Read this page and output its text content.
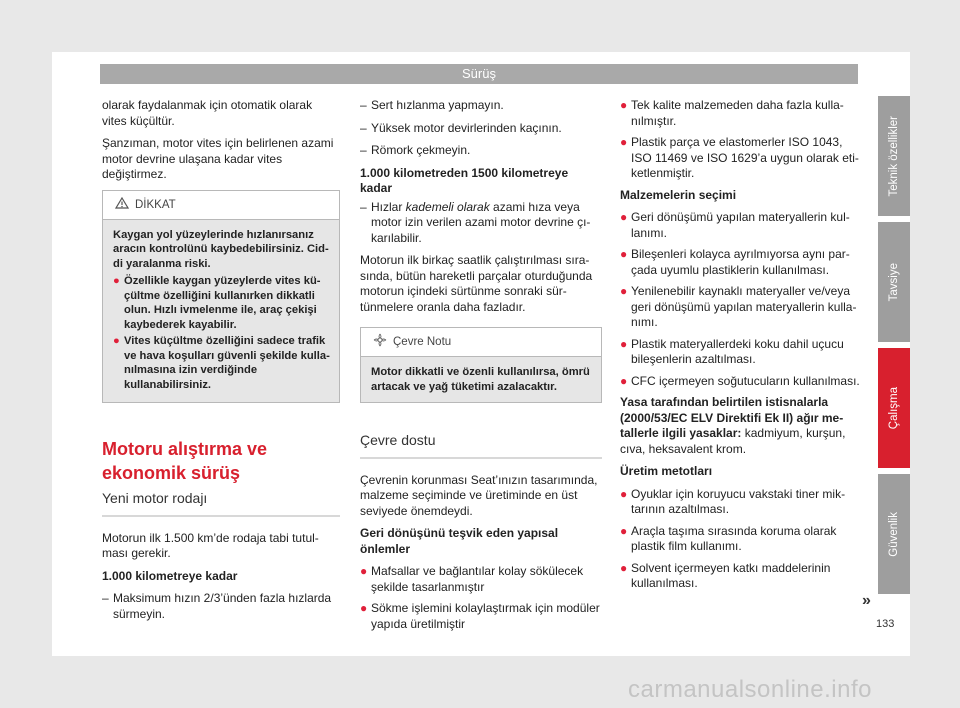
Sürüş

olarak faydalanmak için otomatik olarak vites küçültür.

Şanzıman, motor vites için belirlenen azami motor devrine ulaşana kadar vites değiştirmez.

DİKKAT

Kaygan yol yüzeylerinde hızlanırsanız aracın kontrolünü kaybedebilirsiniz. Ciddi yaralanma riski.

● Özellikle kaygan yüzeylerde vites küçültme özelliğini kullanırken dikkatli olun. Hızlı ivmelenme ile, araç çekişi kaybederek kayabilir.
● Vites küçültme özelliğini sadece trafik ve hava koşulları güvenli şekilde kullanılmasına izin verdiğinde kullanabilirsiniz.
Motoru alıştırma ve ekonomik sürüş
Yeni motor rodajı

Motorun ilk 1.500 km’de rodaja tabi tutulması gerekir.

1.000 kilometreye kadar

– Maksimum hızın 2/3’ünden fazla hızlarda sürmeyin.
– Sert hızlanma yapmayın.
– Yüksek motor devirlerinden kaçının.
– Römork çekmeyin.

1.000 kilometreden 1500 kilometreye kadar

– Hızlar kademeli olarak azami hıza veya motor izin verilen azami motor devrine çıkarılabilir.

Motorun ilk birkaç saatlik çalıştırılması sırasında, bütün hareketli parçalar oturduğunda motorun içindeki sürtünme sonraki sürtünmelere oranla daha fazladır.

Çevre Notu
Motor dikkatli ve özenli kullanılırsa, ömrü artacak ve yağ tüketimi azalacaktır.
Çevre dostu

Çevrenin korunması Seat’ınızın tasarımında, malzeme seçiminde ve üretiminde en üst seviyede önemdeydi.

Geri dönüşünü teşvik eden yapısal önlemler

● Mafsallar ve bağlantılar kolay sökülecek şekilde tasarlanmıştır
● Sökme işlemini kolaylaştırmak için modüler yapıda üretilmiştir
● Tek kalite malzemeden daha fazla kullanılmıştır.
● Plastik parça ve elastomerler ISO 1043, ISO 11469 ve ISO 1629’a uygun olarak etiketlenmiştir.

Malzemelerin seçimi

● Geri dönüşümü yapılan materyallerin kullanımı.
● Bileşenleri kolayca ayrılmıyorsa aynı parçada uyumlu plastiklerin kullanılması.
● Yenilenebilir kaynaklı materyaller ve/veya geri dönüşümü yapılan materyallerin kullanımı.
● Plastik materyallerdeki koku dahil uçucu bileşenlerin azaltılması.
● CFC içermeyen soğutucuların kullanılması.

Yasa tarafından belirtilen istisnalarla (2000/53/EC ELV Direktifi Ek II) ağır metallerle ilgili yasaklar: kadmiyum, kurşun, cıva, heksavalent krom.

Üretim metotları

● Oyuklar için koruyucu vakstaki tiner miktarının azaltılması.
● Araçla taşıma sırasında koruma olarak plastik film kullanımı.
● Solvent içermeyen katkı maddelerinin kullanılması.
Teknik özellikler
Tavsiye
Çalışma
Güvenlik
»
133
carmanualsonline.info
